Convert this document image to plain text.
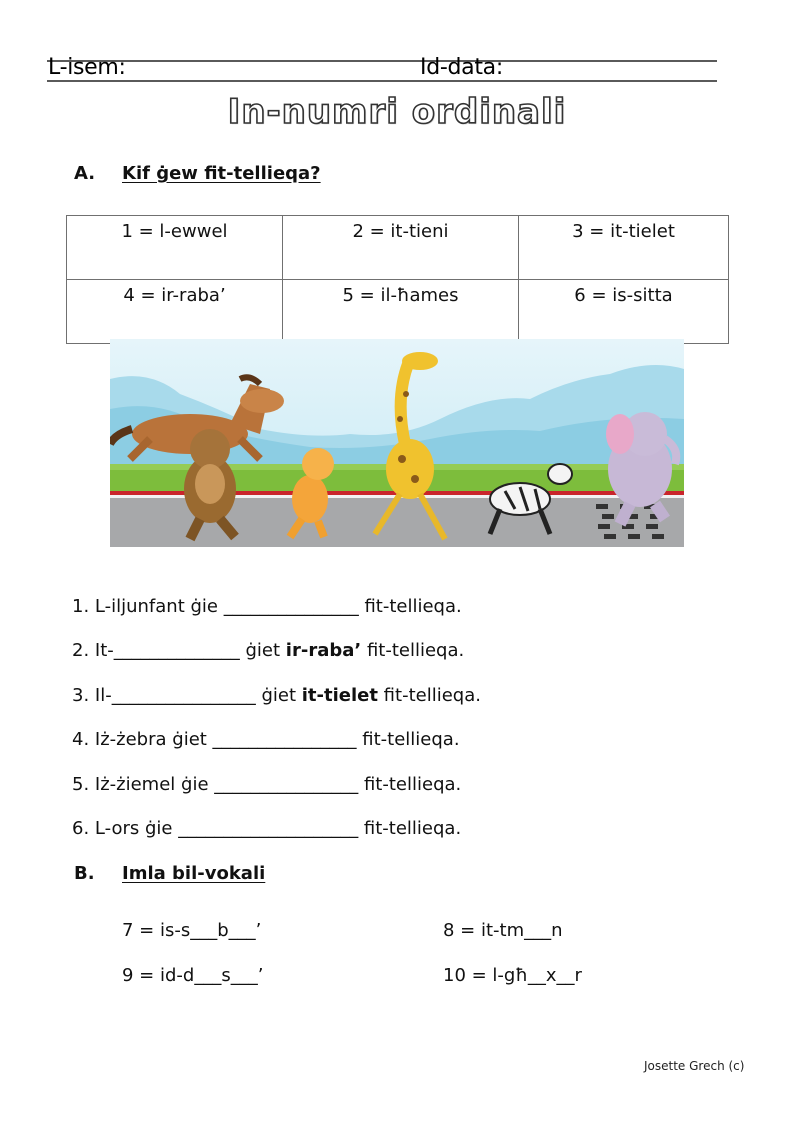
L-isem:	Id-data:
In-numri ordinali
A. Kif ġew fit-tellieqa?
1 = l-ewwel	2 = it-tieni	3 = it-tielet
4 = ir-raba’	5 = il-ħames	6 = is-sitta
1. L-iljunfant ġie _______________ fit-tellieqa.
2. It-______________ ġiet ir-raba’ fit-tellieqa.
3. Il-________________ ġiet it-tielet fit-tellieqa.
4. Iż-żebra ġiet ________________ fit-tellieqa.
5. Iż-żiemel ġie ________________ fit-tellieqa.
6. L-ors ġie ____________________ fit-tellieqa.
B. Imla bil-vokali
7 = is-s___b___’	8 = it-tm___n
9 = id-d___s___’	10 = l-għ__x__r
Josette Grech (c)
